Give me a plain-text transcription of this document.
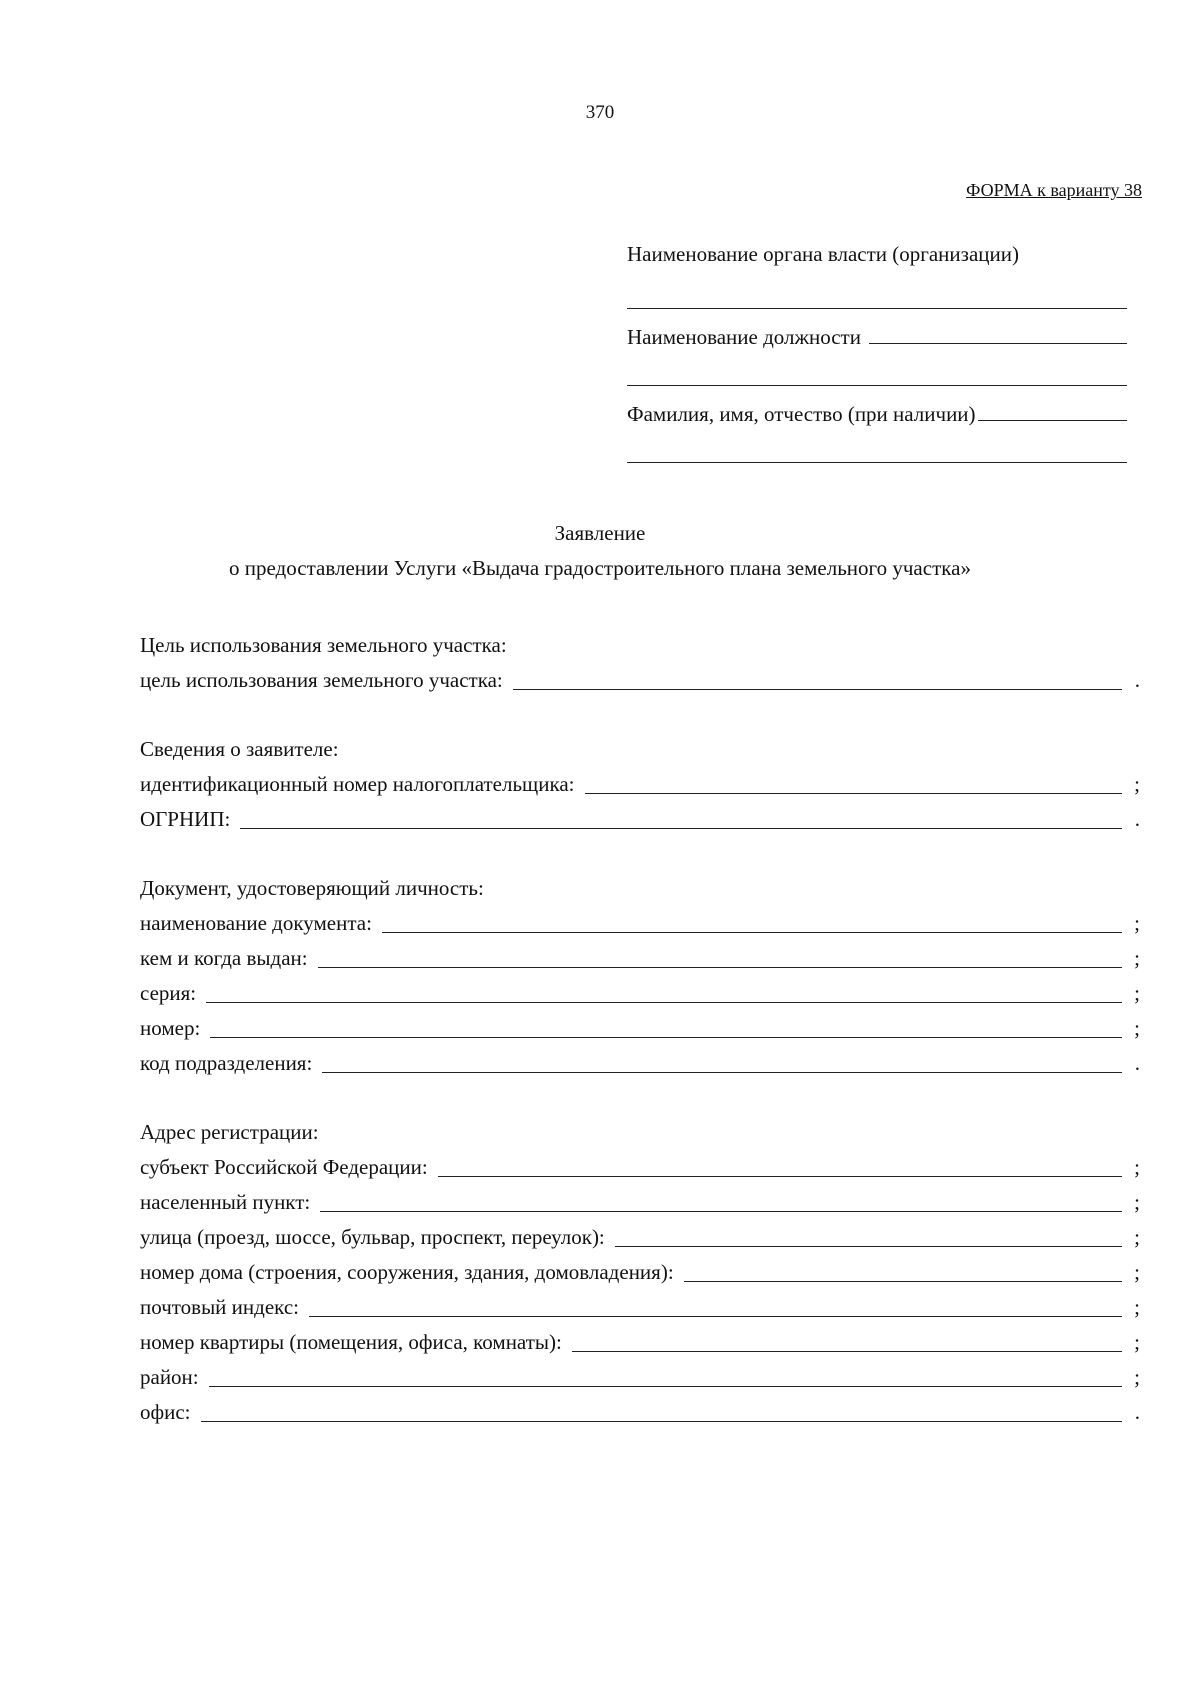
370
ФОРМА к варианту 38
Наименование органа власти (организации)
Наименование должности
Фамилия, имя, отчество (при наличии)
Заявление
о предоставлении Услуги «Выдача градостроительного плана земельного участка»
Цель использования земельного участка:
цель использования земельного участка:	.
Сведения о заявителе:
идентификационный номер налогоплательщика:	;
ОГРНИП:	.
Документ, удостоверяющий личность:
наименование документа:	;
кем и когда выдан:	;
серия:	;
номер:	;
код подразделения:	.
Адрес регистрации:
субъект Российской Федерации:	;
населенный пункт:	;
улица (проезд, шоссе, бульвар, проспект, переулок):	;
номер дома (строения, сооружения, здания, домовладения):	;
почтовый индекс:	;
номер квартиры (помещения, офиса, комнаты):	;
район:	;
офис:	.
